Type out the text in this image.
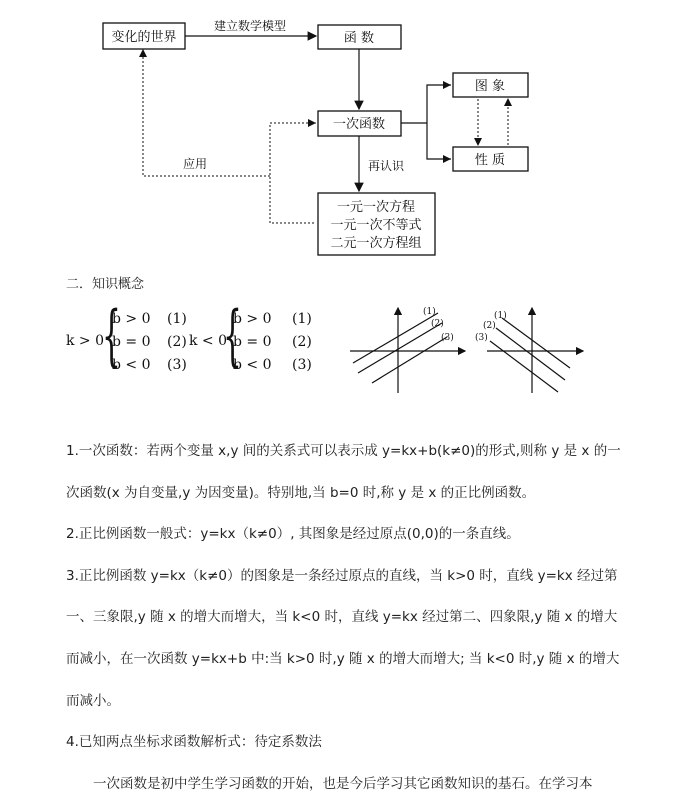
变化的世界	函 数
一次函数
图 象
性 质
一元一次方程
一元一次不等式
二元一次方程组
建立数学模型
再认识
应用
二．知识概念
k > 0
{
b > 0
b = 0
b < 0
(1)
(2)
(3)
k < 0
{
b > 0
b = 0
b < 0
(1)
(2)
(3)
(1)
(2)
(3)
(1)
(2)
(3)
1.一次函数：若两个变量 x,y 间的关系式可以表示成 y=kx+b(k≠0)的形式,则称 y 是 x 的一
次函数(x 为自变量,y 为因变量)。特别地,当 b=0 时,称 y 是 x 的正比例函数。
2.正比例函数一般式：y=kx（k≠0）, 其图象是经过原点(0,0)的一条直线。
3.正比例函数 y=kx（k≠0）的图象是一条经过原点的直线，当 k>0 时，直线 y=kx 经过第
一、三象限,y 随 x 的增大而增大，当 k<0 时，直线 y=kx 经过第二、四象限,y 随 x 的增大
而减小，在一次函数 y=kx+b 中:当 k>0 时,y 随 x 的增大而增大; 当 k<0 时,y 随 x 的增大
而减小。
4.已知两点坐标求函数解析式：待定系数法
一次函数是初中学生学习函数的开始，也是今后学习其它函数知识的基石。在学习本
